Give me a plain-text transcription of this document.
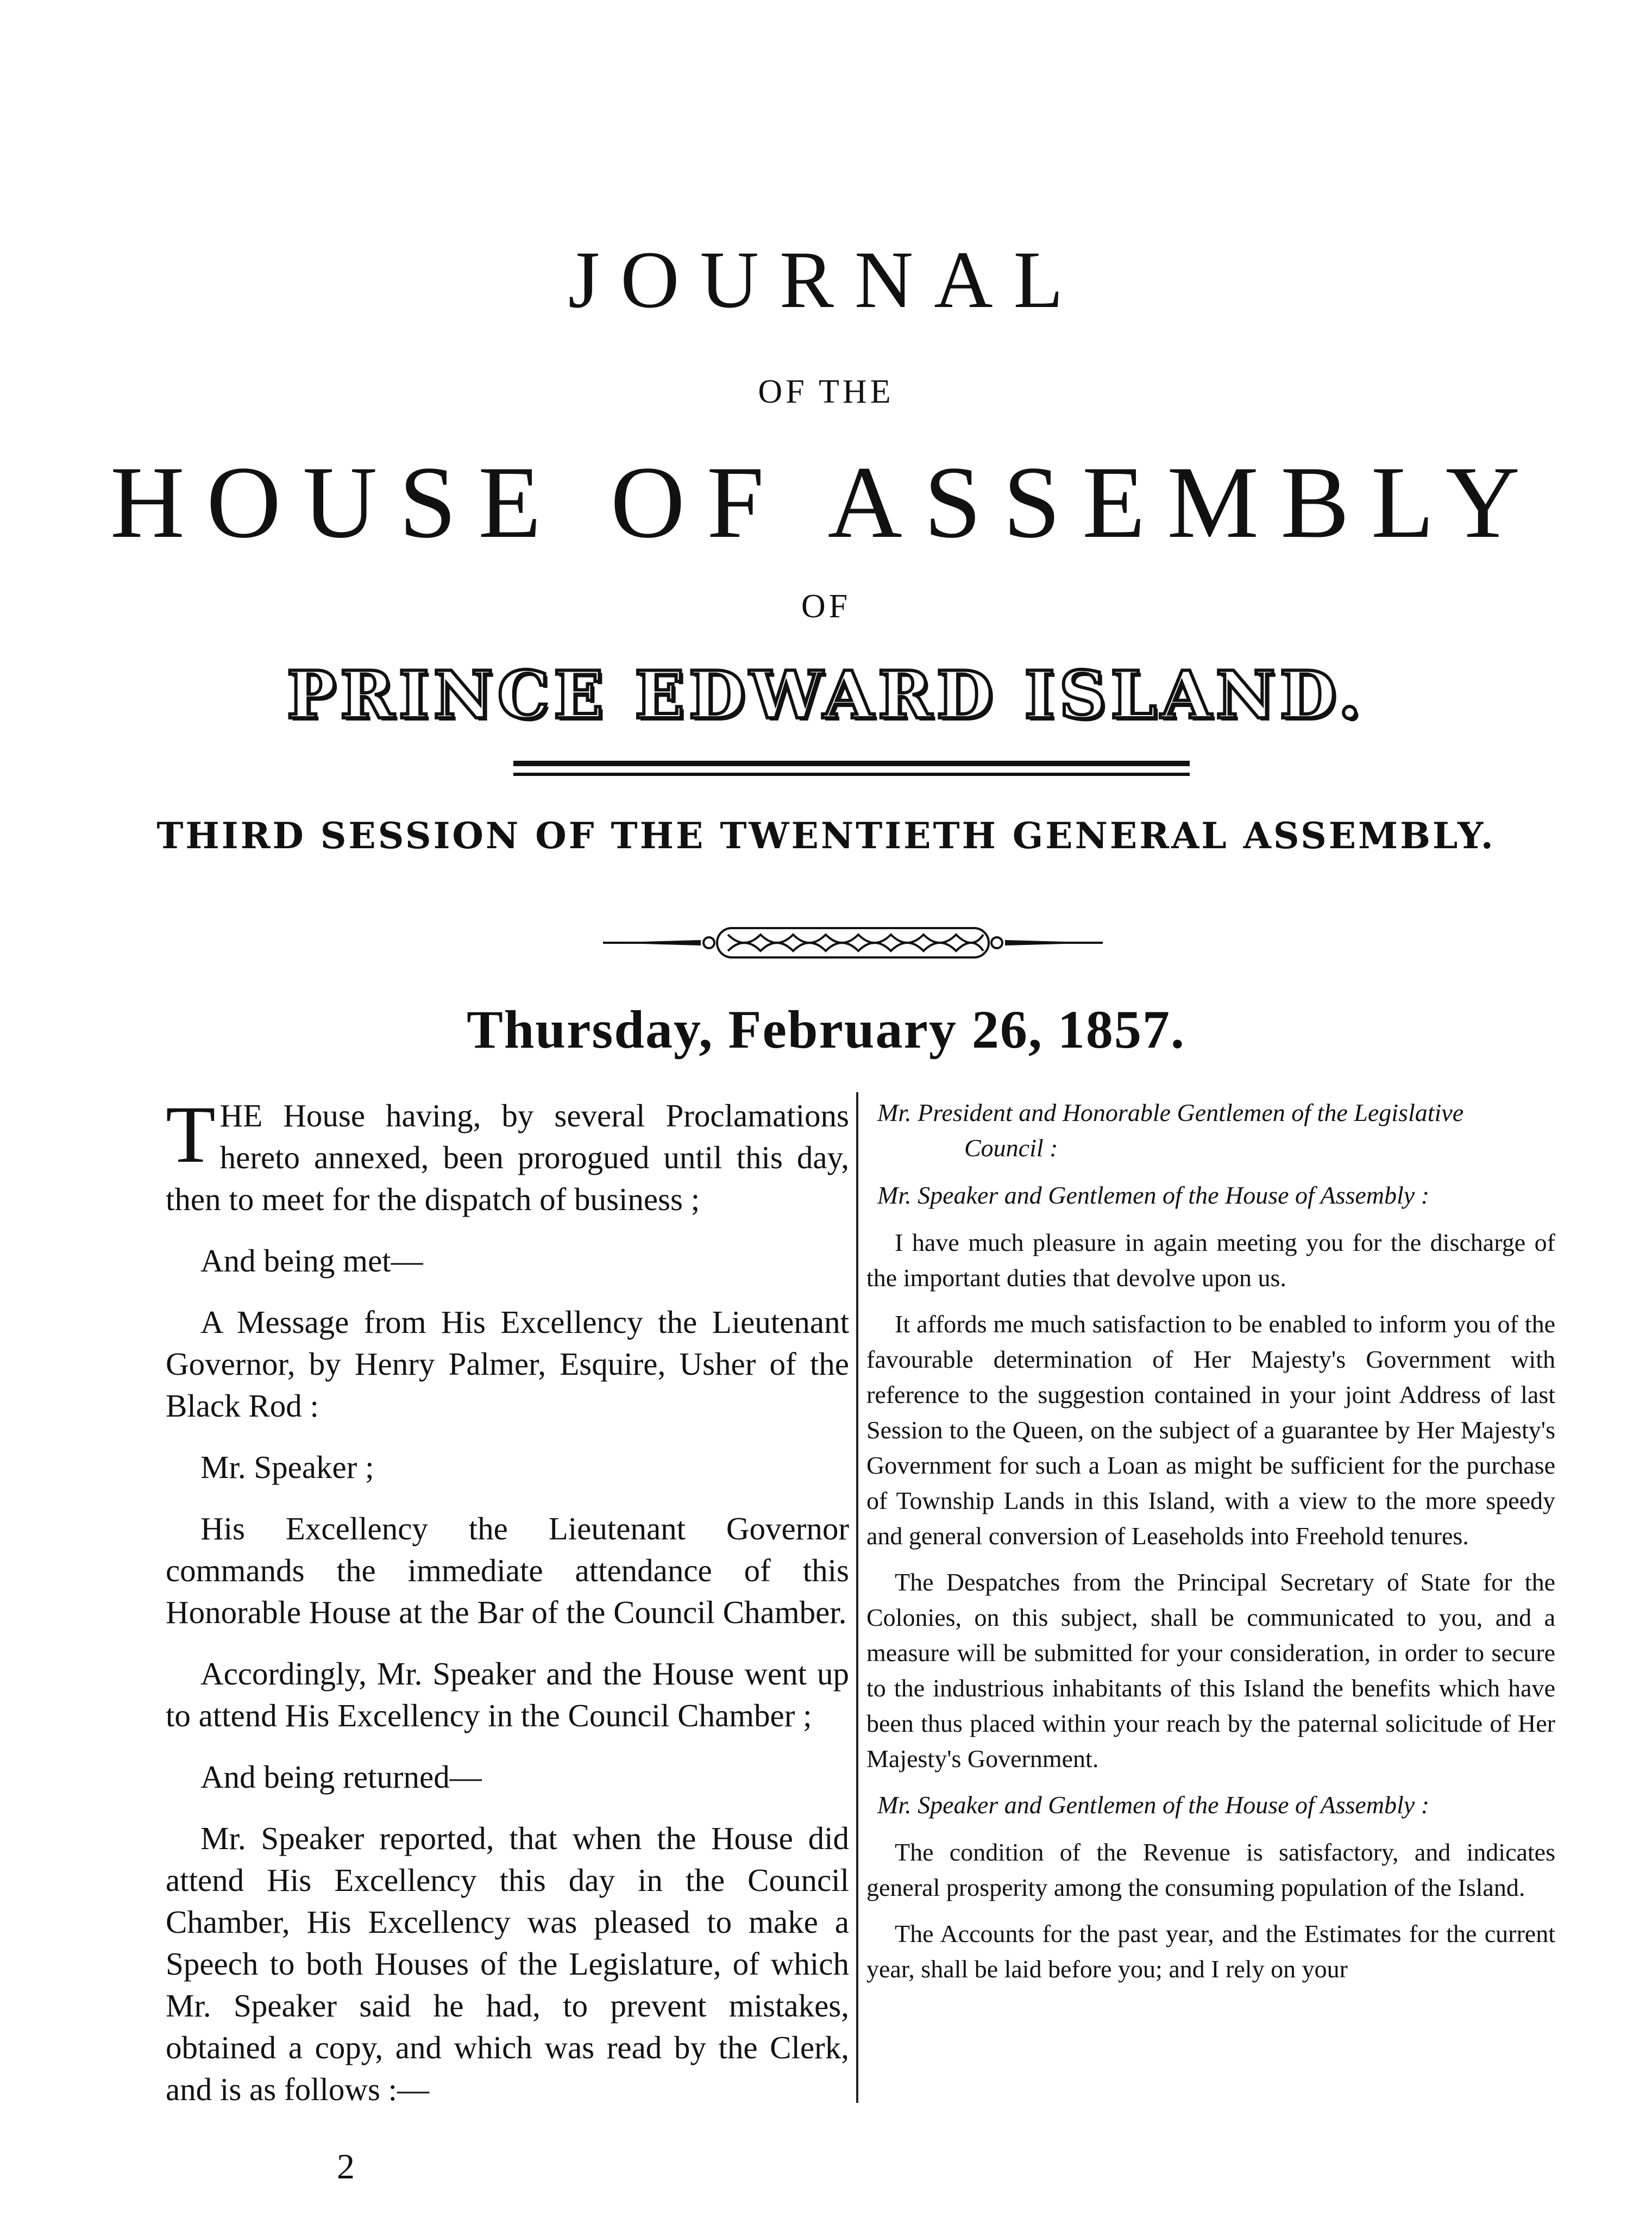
JOURNAL
OF THE
HOUSE OF ASSEMBLY
OF
PRINCE EDWARD ISLAND.
THIRD SESSION OF THE TWENTIETH GENERAL ASSEMBLY.
Thursday, February 26, 1857.

THE House having, by several Proclamations hereto annexed, been prorogued until this day, then to meet for the dispatch of business ;

And being met—

A Message from His Excellency the Lieutenant Governor, by Henry Palmer, Esquire, Usher of the Black Rod :

Mr. Speaker ;

His Excellency the Lieutenant Governor commands the immediate attendance of this Honorable House at the Bar of the Council Chamber.

Accordingly, Mr. Speaker and the House went up to attend His Excellency in the Council Chamber ;

And being returned—

Mr. Speaker reported, that when the House did attend His Excellency this day in the Council Chamber, His Excellency was pleased to make a Speech to both Houses of the Legislature, of which Mr. Speaker said he had, to prevent mistakes, obtained a copy, and which was read by the Clerk, and is as follows :—

Mr. President and Honorable Gentlemen of the Legislative
Council :

Mr. Speaker and Gentlemen of the House of Assembly :

I have much pleasure in again meeting you for the discharge of the important duties that devolve upon us.

It affords me much satisfaction to be enabled to inform you of the favourable determination of Her Majesty's Government with reference to the suggestion contained in your joint Address of last Session to the Queen, on the subject of a guarantee by Her Majesty's Government for such a Loan as might be sufficient for the purchase of Township Lands in this Island, with a view to the more speedy and general conversion of Leaseholds into Freehold tenures.

The Despatches from the Principal Secretary of State for the Colonies, on this subject, shall be communicated to you, and a measure will be submitted for your consideration, in order to secure to the industrious inhabitants of this Island the benefits which have been thus placed within your reach by the paternal solicitude of Her Majesty's Government.

Mr. Speaker and Gentlemen of the House of Assembly :

The condition of the Revenue is satisfactory, and indicates general prosperity among the consuming population of the Island.

The Accounts for the past year, and the Estimates for the current year, shall be laid before you; and I rely on your

2
